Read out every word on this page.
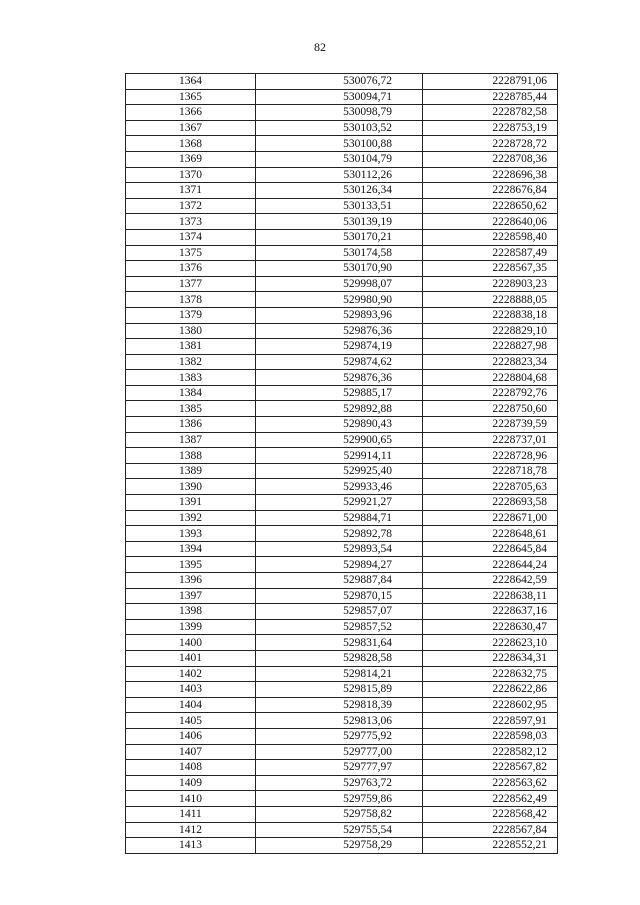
82
1364	530076,72	2228791,06
1365	530094,71	2228785,44
1366	530098,79	2228782,58
1367	530103,52	2228753,19
1368	530100,88	2228728,72
1369	530104,79	2228708,36
1370	530112,26	2228696,38
1371	530126,34	2228676,84
1372	530133,51	2228650,62
1373	530139,19	2228640,06
1374	530170,21	2228598,40
1375	530174,58	2228587,49
1376	530170,90	2228567,35
1377	529998,07	2228903,23
1378	529980,90	2228888,05
1379	529893,96	2228838,18
1380	529876,36	2228829,10
1381	529874,19	2228827,98
1382	529874,62	2228823,34
1383	529876,36	2228804,68
1384	529885,17	2228792,76
1385	529892,88	2228750,60
1386	529890,43	2228739,59
1387	529900,65	2228737,01
1388	529914,11	2228728,96
1389	529925,40	2228718,78
1390	529933,46	2228705,63
1391	529921,27	2228693,58
1392	529884,71	2228671,00
1393	529892,78	2228648,61
1394	529893,54	2228645,84
1395	529894,27	2228644,24
1396	529887,84	2228642,59
1397	529870,15	2228638,11
1398	529857,07	2228637,16
1399	529857,52	2228630,47
1400	529831,64	2228623,10
1401	529828,58	2228634,31
1402	529814,21	2228632,75
1403	529815,89	2228622,86
1404	529818,39	2228602,95
1405	529813,06	2228597,91
1406	529775,92	2228598,03
1407	529777,00	2228582,12
1408	529777,97	2228567,82
1409	529763,72	2228563,62
1410	529759,86	2228562,49
1411	529758,82	2228568,42
1412	529755,54	2228567,84
1413	529758,29	2228552,21
